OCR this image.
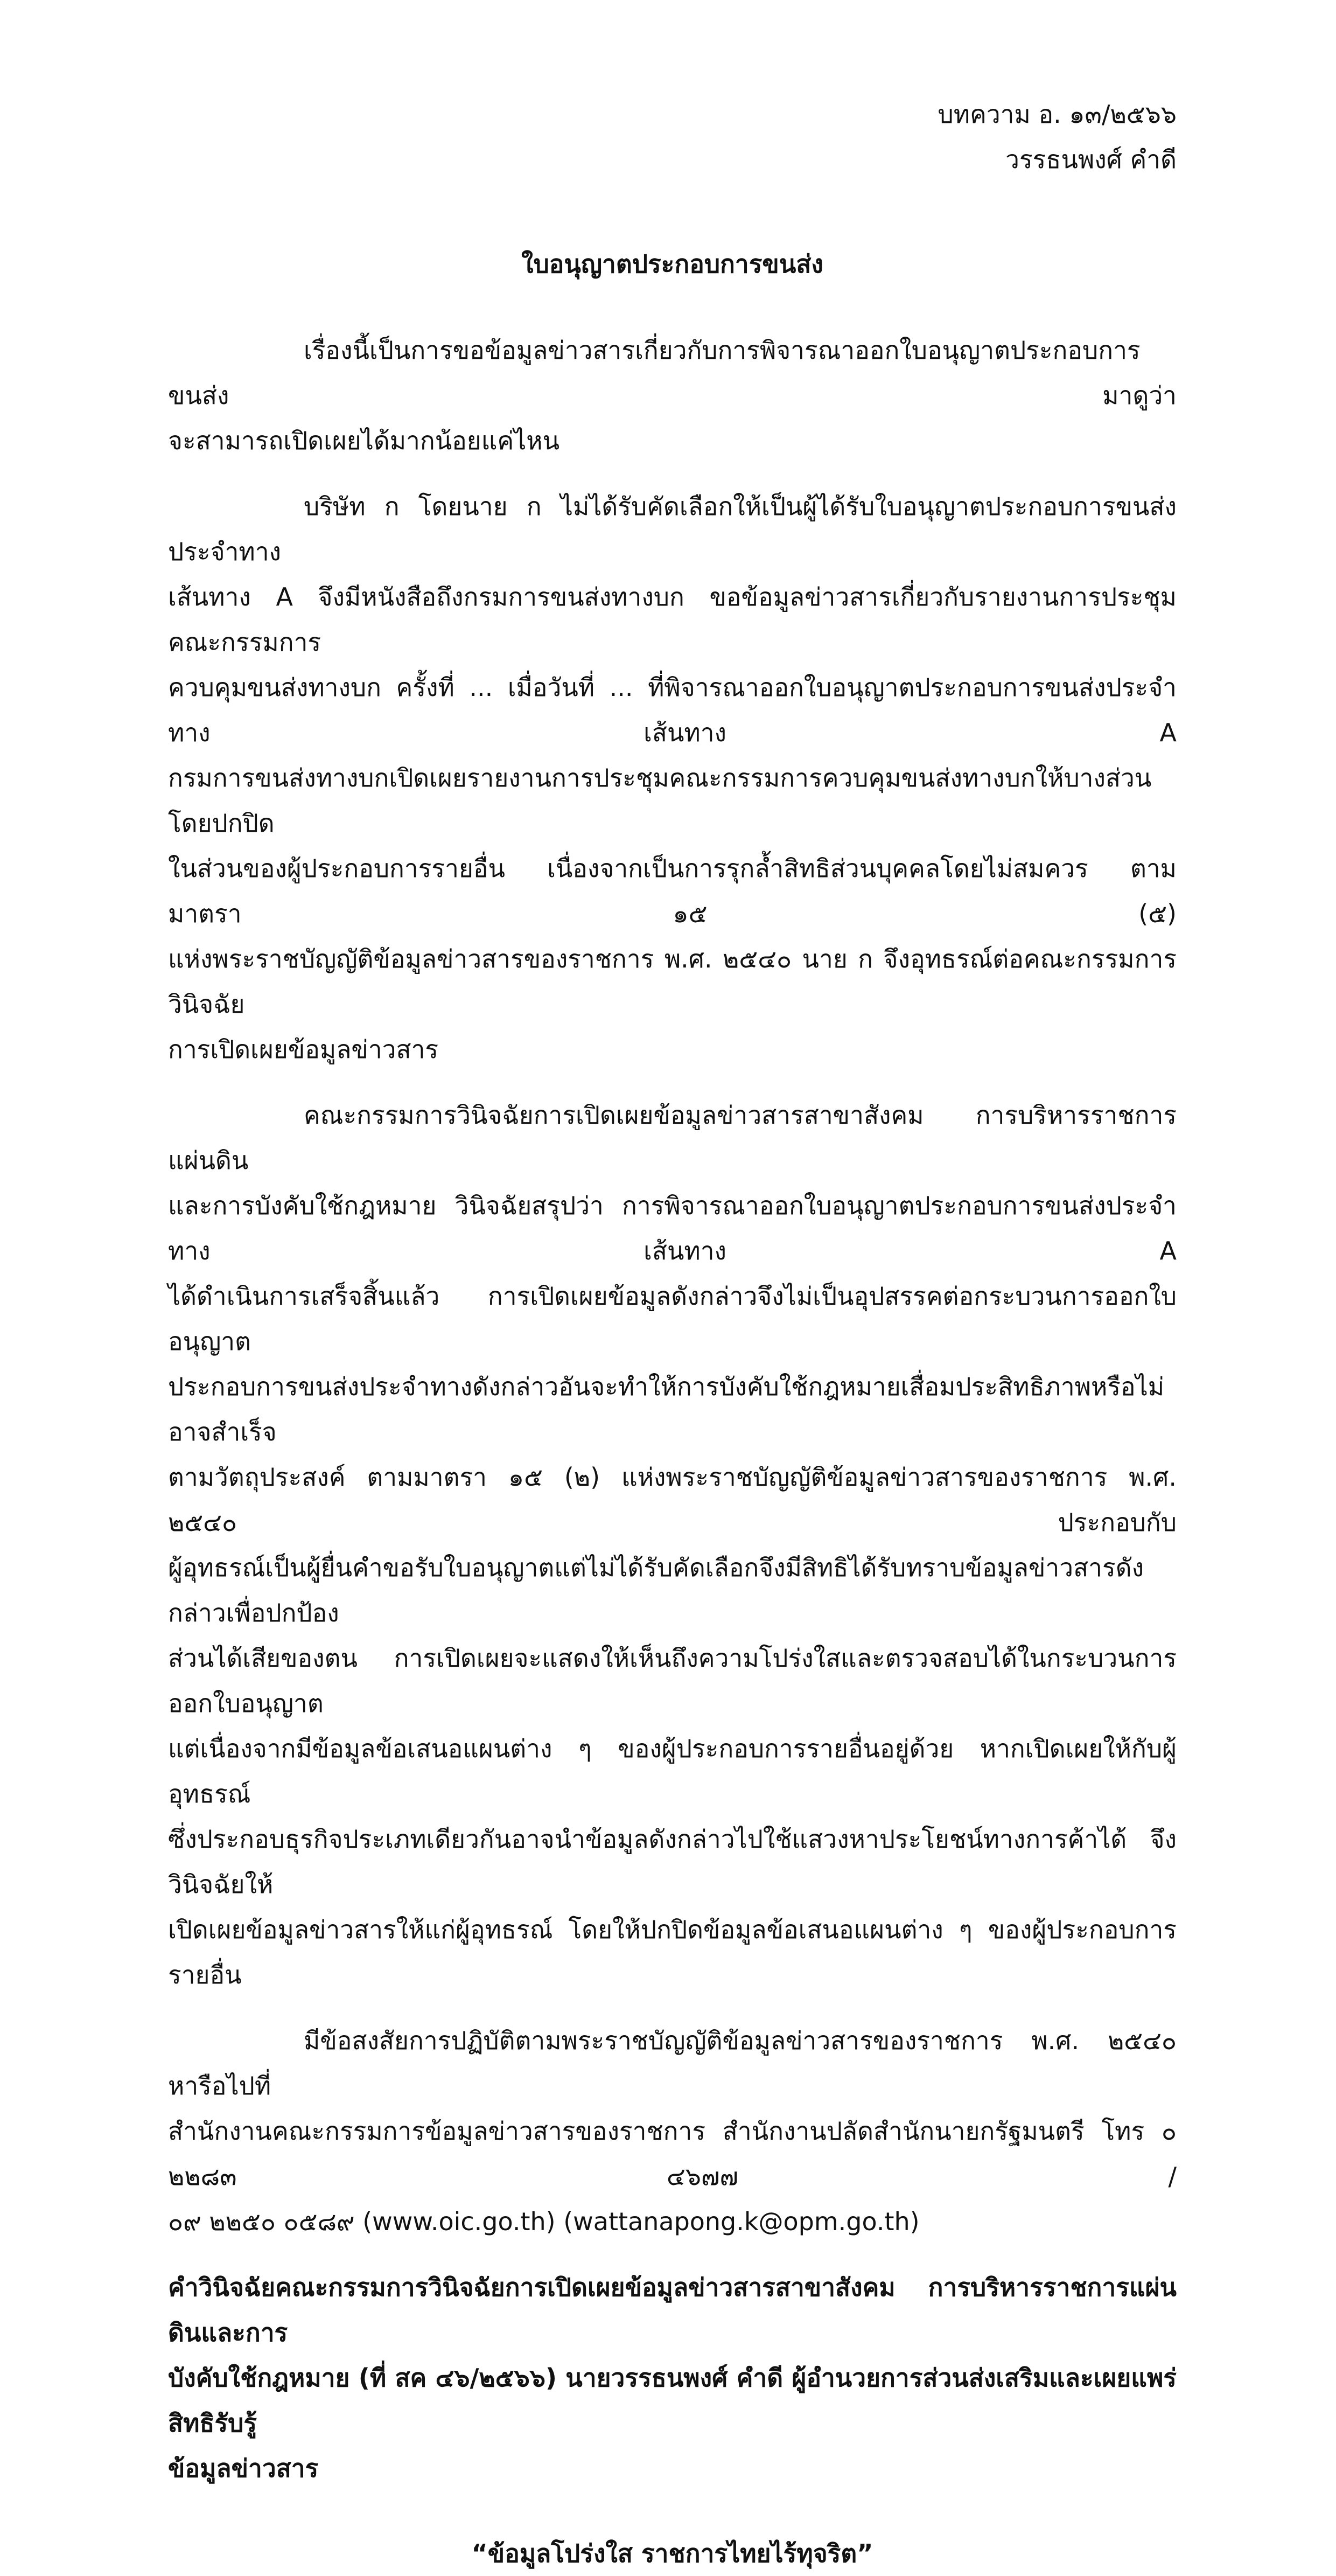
บทความ อ. ๑๓/๒๕๖๖
วรรธนพงศ์ คำดี
ใบอนุญาตประกอบการขนส่ง
เรื่องนี้เป็นการขอข้อมูลข่าวสารเกี่ยวกับการพิจารณาออกใบอนุญาตประกอบการขนส่ง มาดูว่า
จะสามารถเปิดเผยได้มากน้อยแค่ไหน
บริษัท ก โดยนาย ก ไม่ได้รับคัดเลือกให้เป็นผู้ได้รับใบอนุญาตประกอบการขนส่งประจำทาง
เส้นทาง A จึงมีหนังสือถึงกรมการขนส่งทางบก ขอข้อมูลข่าวสารเกี่ยวกับรายงานการประชุมคณะกรรมการ
ควบคุมขนส่งทางบก ครั้งที่ ... เมื่อวันที่ ... ที่พิจารณาออกใบอนุญาตประกอบการขนส่งประจำทาง เส้นทาง A
กรมการขนส่งทางบกเปิดเผยรายงานการประชุมคณะกรรมการควบคุมขนส่งทางบกให้บางส่วน โดยปกปิด
ในส่วนของผู้ประกอบการรายอื่น เนื่องจากเป็นการรุกล้ำสิทธิส่วนบุคคลโดยไม่สมควร ตามมาตรา ๑๕ (๕)
แห่งพระราชบัญญัติข้อมูลข่าวสารของราชการ พ.ศ. ๒๕๔๐ นาย ก จึงอุทธรณ์ต่อคณะกรรมการวินิจฉัย
การเปิดเผยข้อมูลข่าวสาร
คณะกรรมการวินิจฉัยการเปิดเผยข้อมูลข่าวสารสาขาสังคม การบริหารราชการแผ่นดิน
และการบังคับใช้กฎหมาย วินิจฉัยสรุปว่า การพิจารณาออกใบอนุญาตประกอบการขนส่งประจำทาง เส้นทาง A
ได้ดำเนินการเสร็จสิ้นแล้ว การเปิดเผยข้อมูลดังกล่าวจึงไม่เป็นอุปสรรคต่อกระบวนการออกใบอนุญาต
ประกอบการขนส่งประจำทางดังกล่าวอันจะทำให้การบังคับใช้กฎหมายเสื่อมประสิทธิภาพหรือไม่อาจสำเร็จ
ตามวัตถุประสงค์ ตามมาตรา ๑๕ (๒) แห่งพระราชบัญญัติข้อมูลข่าวสารของราชการ พ.ศ. ๒๕๔๐ ประกอบกับ
ผู้อุทธรณ์เป็นผู้ยื่นคำขอรับใบอนุญาตแต่ไม่ได้รับคัดเลือกจึงมีสิทธิได้รับทราบข้อมูลข่าวสารดังกล่าวเพื่อปกป้อง
ส่วนได้เสียของตน การเปิดเผยจะแสดงให้เห็นถึงความโปร่งใสและตรวจสอบได้ในกระบวนการออกใบอนุญาต
แต่เนื่องจากมีข้อมูลข้อเสนอแผนต่าง ๆ ของผู้ประกอบการรายอื่นอยู่ด้วย หากเปิดเผยให้กับผู้อุทธรณ์
ซึ่งประกอบธุรกิจประเภทเดียวกันอาจนำข้อมูลดังกล่าวไปใช้แสวงหาประโยชน์ทางการค้าได้ จึงวินิจฉัยให้
เปิดเผยข้อมูลข่าวสารให้แก่ผู้อุทธรณ์ โดยให้ปกปิดข้อมูลข้อเสนอแผนต่าง ๆ ของผู้ประกอบการรายอื่น
มีข้อสงสัยการปฏิบัติตามพระราชบัญญัติข้อมูลข่าวสารของราชการ พ.ศ. ๒๕๔๐ หารือไปที่
สำนักงานคณะกรรมการข้อมูลข่าวสารของราชการ สำนักงานปลัดสำนักนายกรัฐมนตรี โทร ๐ ๒๒๘๓ ๔๖๗๗ /
๐๙ ๒๒๕๐ ๐๕๘๙ (www.oic.go.th) (wattanapong.k@opm.go.th)
คำวินิจฉัยคณะกรรมการวินิจฉัยการเปิดเผยข้อมูลข่าวสารสาขาสังคม การบริหารราชการแผ่นดินและการ
บังคับใช้กฎหมาย (ที่ สค ๔๖/๒๕๖๖) นายวรรธนพงศ์ คำดี ผู้อำนวยการส่วนส่งเสริมและเผยแพร่สิทธิรับรู้
ข้อมูลข่าวสาร
“ข้อมูลโปร่งใส ราชการไทยไร้ทุจริต”
